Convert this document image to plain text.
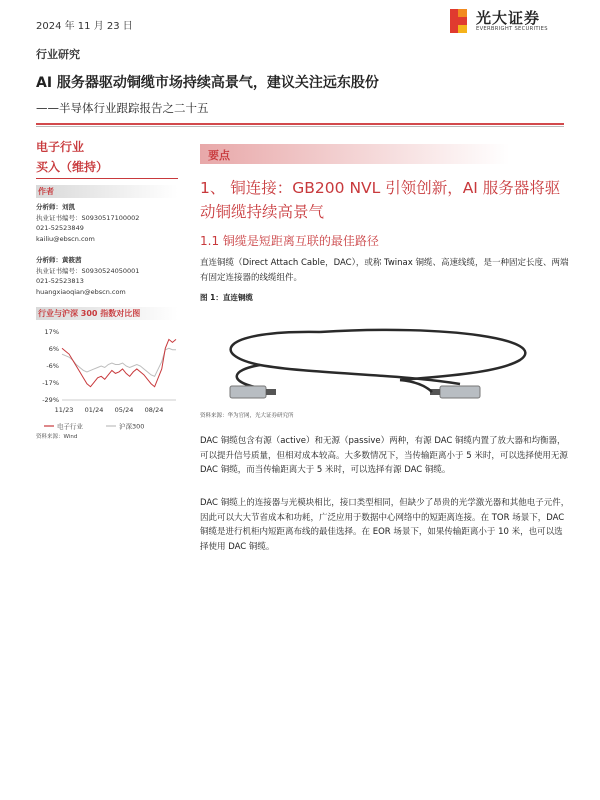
2024 年 11 月 23 日	光大证券
EVERBRIGHT SECURITIES
行业研究
AI 服务器驱动铜缆市场持续高景气，建议关注远东股份
——半导体行业跟踪报告之二十五
电子行业
买入（维持）
作者
分析师：刘凯
执业证书编号：S0930517100002
021-52523849
kailiu@ebscn.com
分析师：黄筱茜
执业证书编号：S0930524050001
021-52523813
huangxiaoqian@ebscn.com
行业与沪深 300 指数对比图
17%
6%
-6%
-17%
-29%
11/23 01/24 05/24 08/24
电子行业	沪深300
资料来源：Wind
要点
1、 铜连接：GB200 NVL 引领创新，AI 服务器将驱动铜缆持续高景气
1.1 铜缆是短距离互联的最佳路径
直连铜缆（Direct Attach Cable，DAC），或称 Twinax 铜缆、高速线缆，是一种固定长度、两端有固定连接器的线缆组件。
图 1：直连铜缆
资料来源：华为官网，光大证券研究所
DAC 铜缆包含有源（active）和无源（passive）两种，有源 DAC 铜缆内置了放大器和均衡器，可以提升信号质量，但相对成本较高。大多数情况下，当传输距离小于 5 米时，可以选择使用无源 DAC 铜缆，而当传输距离大于 5 米时，可以选择有源 DAC 铜缆。
DAC 铜缆上的连接器与光模块相比，接口类型相同，但缺少了昂贵的光学激光器和其他电子元件，因此可以大大节省成本和功耗，广泛应用于数据中心网络中的短距离连接。在 TOR 场景下，DAC 铜缆是进行机柜内短距离布线的最佳选择。在 EOR 场景下，如果传输距离小于 10 米，也可以选择使用 DAC 铜缆。
